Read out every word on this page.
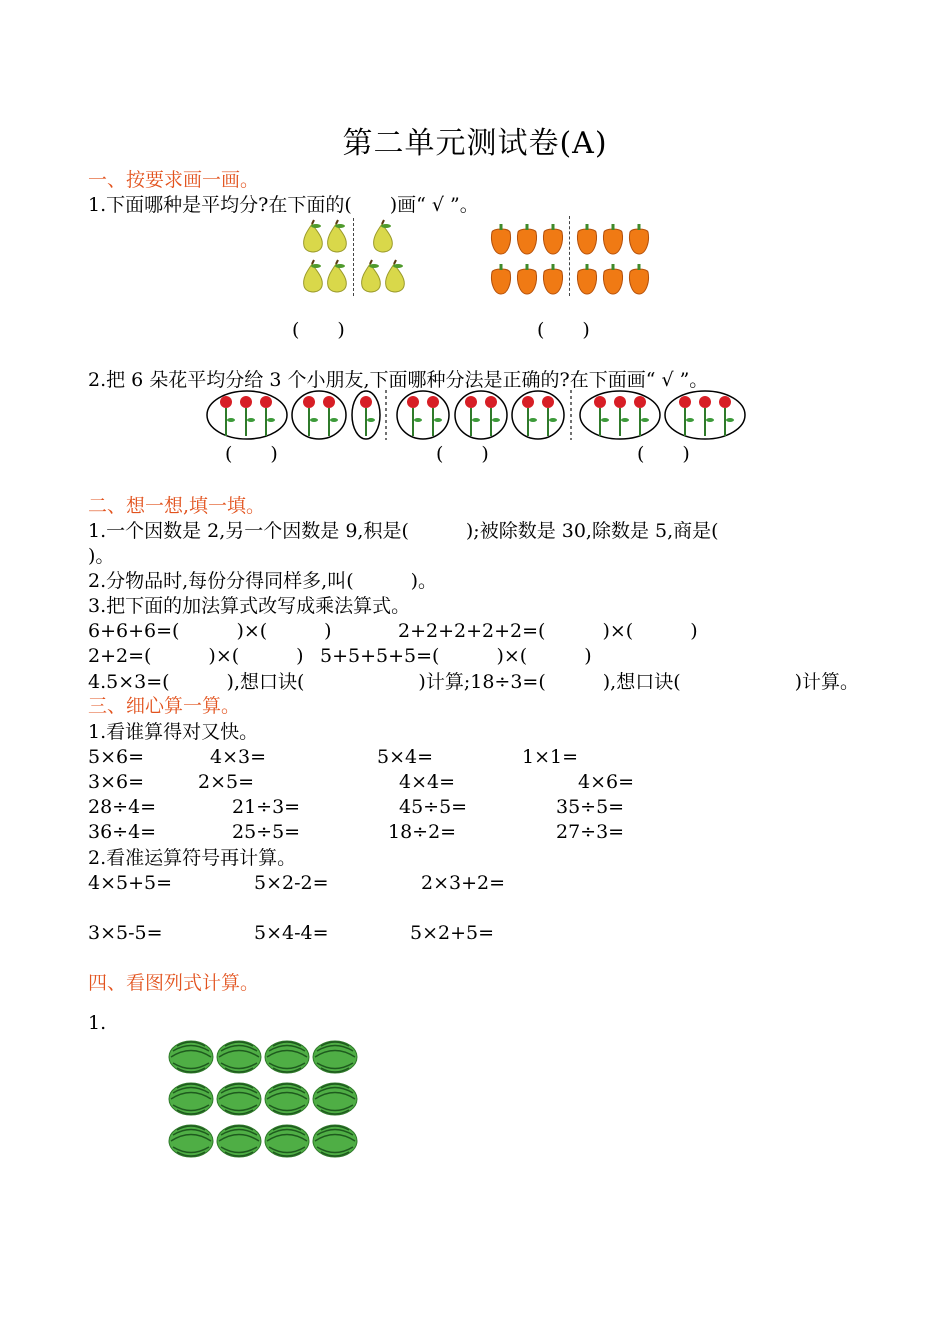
第二单元测试卷(A)
一、按要求画一画。
1.下面哪种是平均分?在下面的(　　)画“ √ ”。
(　　)	(　　)
2.把 6 朵花平均分给 3 个小朋友,下面哪种分法是正确的?在下面画“ √ ”。
(　　)	(　　)	(　　)
二、想一想,填一填。
1.一个因数是 2,另一个因数是 9,积是(　　　);被除数是 30,除数是 5,商是(
)。
2.分物品时,每份分得同样多,叫(　　　)。
3.把下面的加法算式改写成乘法算式。
6+6+6=(　　　)×(　　　)	2+2+2+2+2=(　　　)×(　　　)
2+2=(　　　)×(　　　) 5+5+5+5=(　　　)×(　　　)
4.5×3=(　　　),想口诀(　　　　　　)计算;18÷3=(　　　),想口诀(　　　　　　)计算。
三、细心算一算。
1.看谁算得对又快。
5×6=	4×3=	5×4=	1×1=
3×6=	2×5=	4×4=	4×6=
28÷4=	21÷3=	45÷5=	35÷5=
36÷4=	25÷5=	18÷2=	27÷3=
2.看准运算符号再计算。
4×5+5=	5×2-2=	2×3+2=
3×5-5=	5×4-4=	5×2+5=
四、看图列式计算。
1.
